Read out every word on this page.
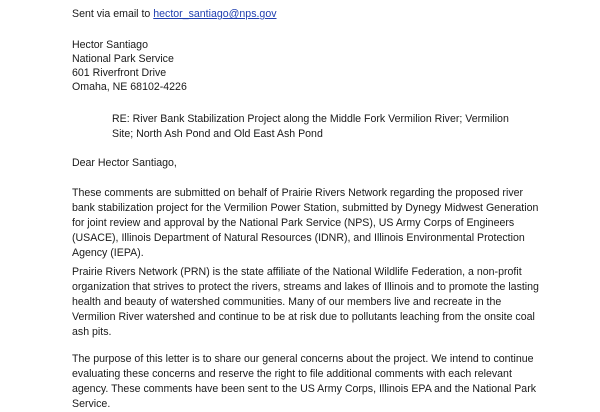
Sent via email to hector_santiago@nps.gov

Hector Santiago

National Park Service

601 Riverfront Drive

Omaha, NE 68102-4226

RE: River Bank Stabilization Project along the Middle Fork Vermilion River; Vermilion Site; North Ash Pond and Old East Ash Pond

Dear Hector Santiago,

These comments are submitted on behalf of Prairie Rivers Network regarding the proposed river bank stabilization project for the Vermilion Power Station, submitted by Dynegy Midwest Generation for joint review and approval by the National Park Service (NPS), US Army Corps of Engineers (USACE), Illinois Department of Natural Resources (IDNR), and Illinois Environmental Protection Agency (IEPA).

Prairie Rivers Network (PRN) is the state affiliate of the National Wildlife Federation, a non-profit organization that strives to protect the rivers, streams and lakes of Illinois and to promote the lasting health and beauty of watershed communities. Many of our members live and recreate in the Vermilion River watershed and continue to be at risk due to pollutants leaching from the onsite coal ash pits.

The purpose of this letter is to share our general concerns about the project. We intend to continue evaluating these concerns and reserve the right to file additional comments with each relevant agency. These comments have been sent to the US Army Corps, Illinois EPA and the National Park Service.
